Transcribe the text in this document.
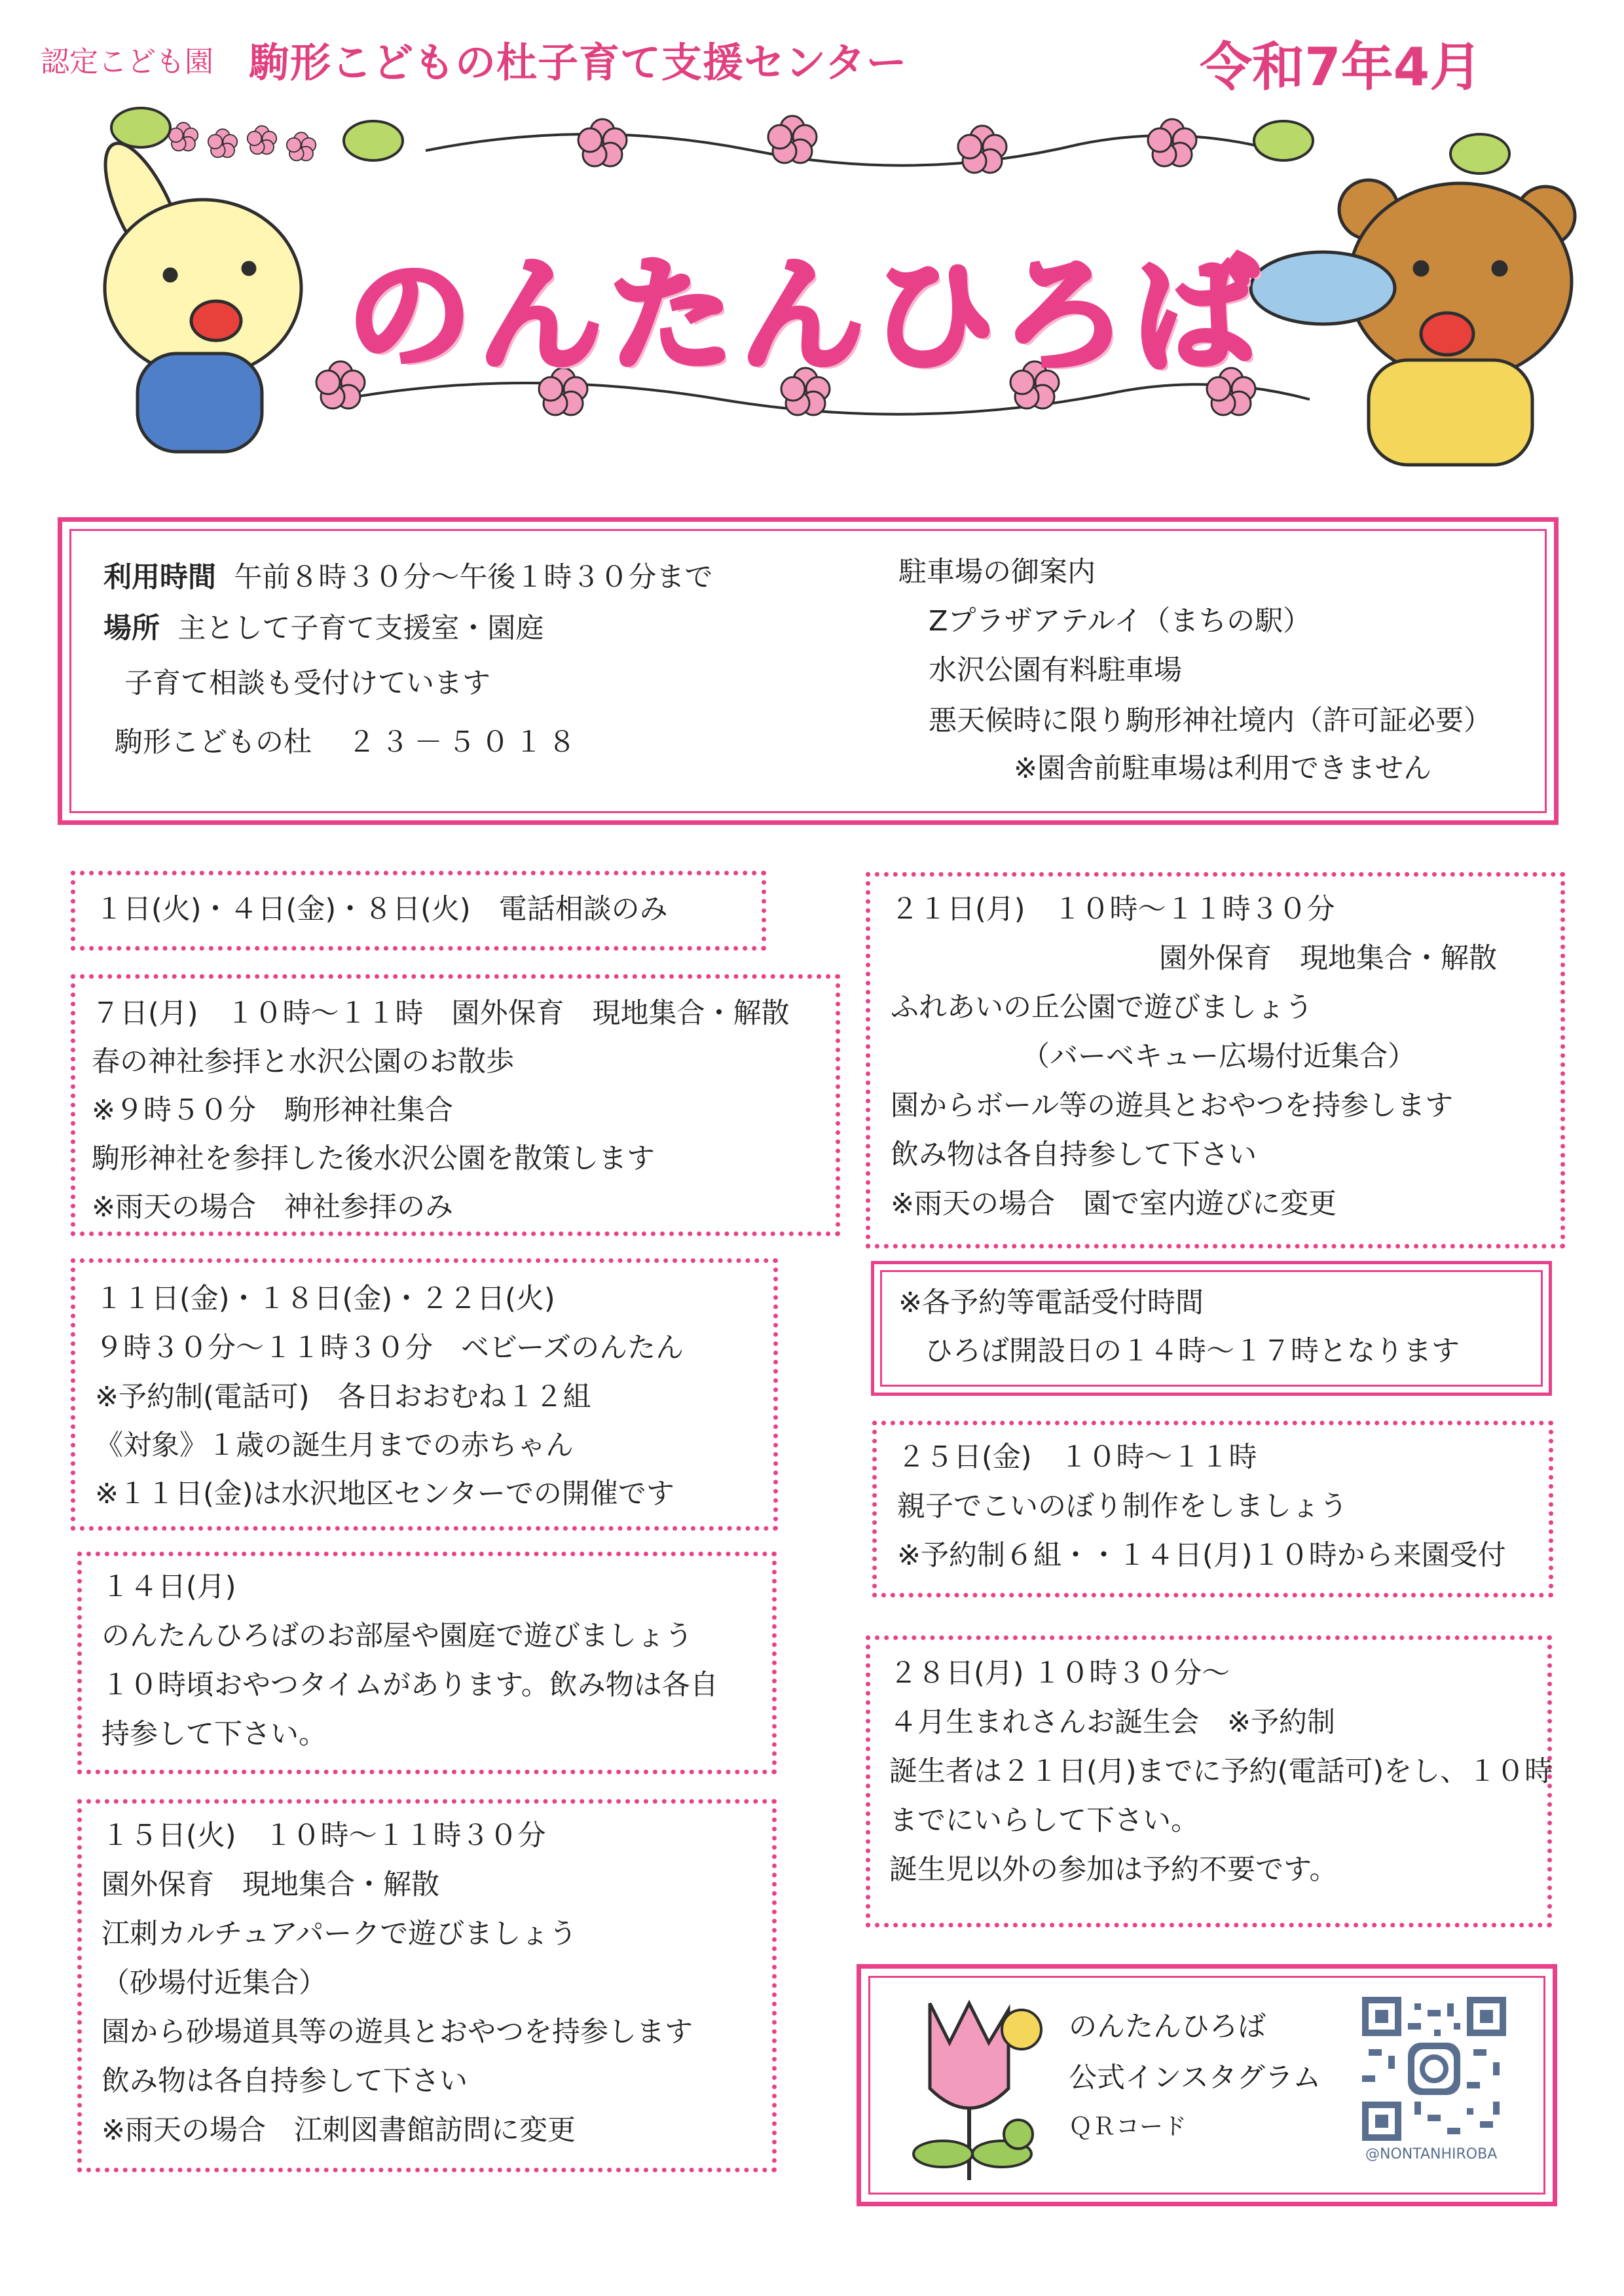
認定こども園 駒形こどもの杜子育て支援センター	令和7年4月
のんたんひろば
利用時間 午前８時３０分～午後１時３０分まで
場所 主として子育て支援室・園庭
子育て相談も受付けています
駒形こどもの杜 ２３－５０１８
駐車場の御案内
Ζプラザアテルイ（まちの駅）
水沢公園有料駐車場
悪天候時に限り駒形神社境内（許可証必要）
※園舎前駐車場は利用できません
１日(火)・４日(金)・８日(火)　電話相談のみ
７日(月)　１０時～１１時　園外保育　現地集合・解散
春の神社参拝と水沢公園のお散歩
※９時５０分　駒形神社集合
駒形神社を参拝した後水沢公園を散策します
※雨天の場合　神社参拝のみ
１１日(金)・１８日(金)・２２日(火)
９時３０分～１１時３０分　ベビーズのんたん
※予約制(電話可)　各日おおむね１２組
《対象》１歳の誕生月までの赤ちゃん
※１１日(金)は水沢地区センターでの開催です
１４日(月)
のんたんひろばのお部屋や園庭で遊びましょう
１０時頃おやつタイムがあります。飲み物は各自
持参して下さい。
１５日(火)　１０時～１１時３０分
園外保育　現地集合・解散
江刺カルチュアパークで遊びましょう
（砂場付近集合）
園から砂場道具等の遊具とおやつを持参します
飲み物は各自持参して下さい
※雨天の場合　江刺図書館訪問に変更
２１日(月)　１０時～１１時３０分
園外保育　現地集合・解散
ふれあいの丘公園で遊びましょう
（バーベキュー広場付近集合）
園からボール等の遊具とおやつを持参します
飲み物は各自持参して下さい
※雨天の場合　園で室内遊びに変更
※各予約等電話受付時間
ひろば開設日の１４時～１７時となります
２５日(金)　１０時～１１時
親子でこいのぼり制作をしましょう
※予約制６組・・１４日(月)１０時から来園受付
２８日(月) １０時３０分～
４月生まれさんお誕生会　※予約制
誕生者は２１日(月)までに予約(電話可)をし、１０時
までにいらして下さい。
誕生児以外の参加は予約不要です。
のんたんひろば
公式インスタグラム
ＱＲコード
@NONTANHIROBA
